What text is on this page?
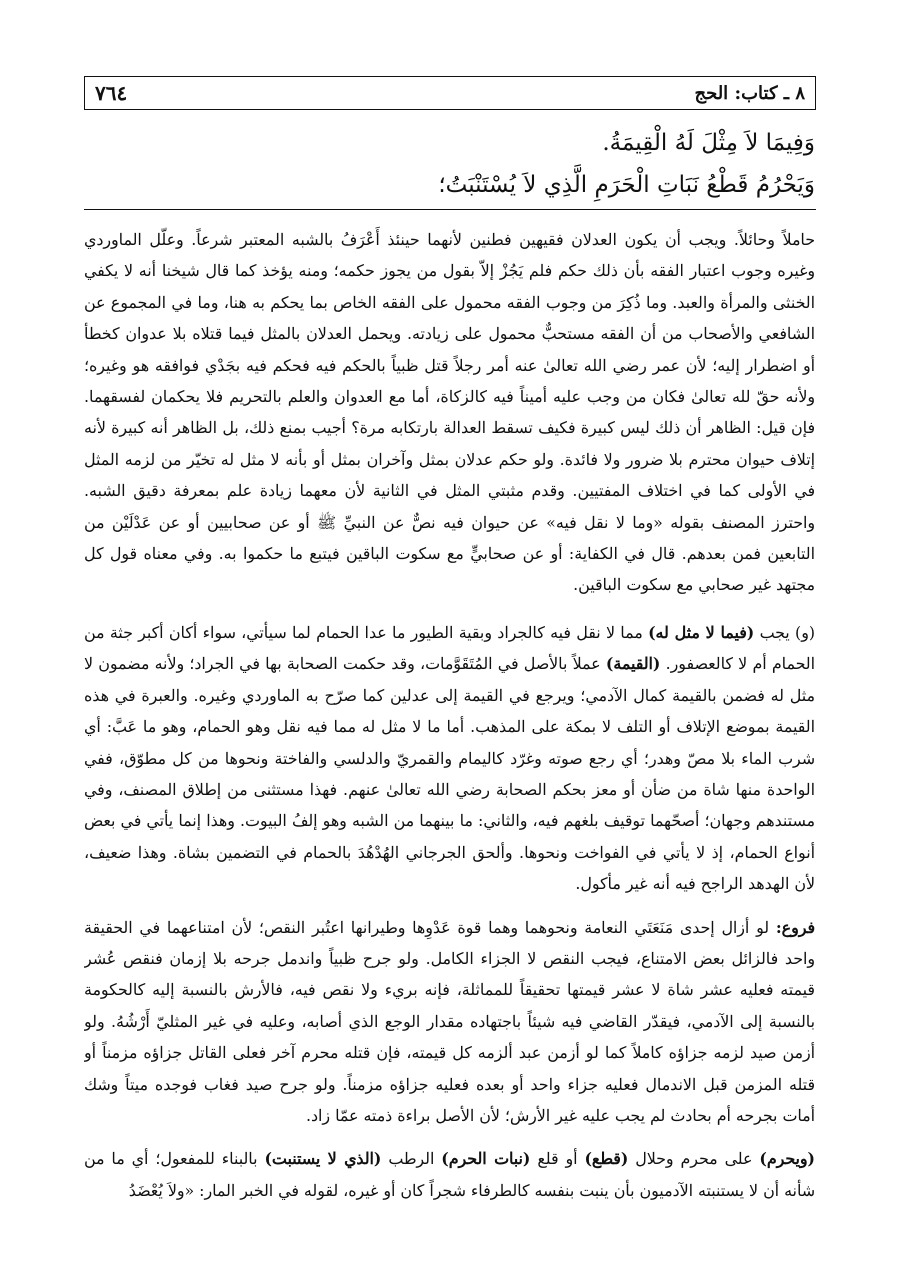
٧٦٤	٨ ـ كتاب: الحج
وَفِيمَا لاَ مِثْلَ لَهُ الْقِيمَةُ.
وَيَحْرُمُ قَطْعُ نَبَاتِ الْحَرَمِ الَّذِي لاَ يُسْتَنْبَتُ؛

حاملاً وحائلاً. ويجب أن يكون العدلان فقيهين فطنين لأنهما حينئذ أَعْرَفُ بالشبه المعتبر شرعاً. وعلّل الماوردي وغيره وجوب اعتبار الفقه بأن ذلك حكم فلم يَجُزْ إلاّ بقول من يجوز حكمه؛ ومنه يؤخذ كما قال شيخنا أنه لا يكفي الخنثى والمرأة والعبد. وما ذُكِرَ من وجوب الفقه محمول على الفقه الخاص بما يحكم به هنا، وما في المجموع عن الشافعي والأصحاب من أن الفقه مستحبٌّ محمول على زيادته. ويحمل العدلان بالمثل فيما قتلاه بلا عدوان كخطأ أو اضطرار إليه؛ لأن عمر رضي الله تعالىٰ عنه أمر رجلاً قتل ظبياً بالحكم فيه فحكم فيه بجَدْي فوافقه هو وغيره؛ ولأنه حقّ لله تعالىٰ فكان من وجب عليه أميناً فيه كالزكاة، أما مع العدوان والعلم بالتحريم فلا يحكمان لفسقهما. فإن قيل: الظاهر أن ذلك ليس كبيرة فكيف تسقط العدالة بارتكابه مرة؟ أجيب بمنع ذلك، بل الظاهر أنه كبيرة لأنه إتلاف حيوان محترم بلا ضرور ولا فائدة. ولو حكم عدلان بمثل وآخران بمثل أو بأنه لا مثل له تخيّر من لزمه المثل في الأولى كما في اختلاف المفتيين. وقدم مثبتي المثل في الثانية لأن معهما زيادة علم بمعرفة دقيق الشبه. واحترز المصنف بقوله «وما لا نقل فيه» عن حيوان فيه نصٌّ عن النبيِّ ﷺ أو عن صحابيين أو عن عَدْلَيْن من التابعين فمن بعدهم. قال في الكفاية: أو عن صحابيٍّ مع سكوت الباقين فيتبع ما حكموا به. وفي معناه قول كل مجتهد غير صحابي مع سكوت الباقين.

(و) يجب (فيما لا مثل له) مما لا نقل فيه كالجراد وبقية الطيور ما عدا الحمام لما سيأتي، سواء أكان أكبر جثة من الحمام أم لا كالعصفور. (القيمة) عملاً بالأصل في المُتَقَوَّمات، وقد حكمت الصحابة بها في الجراد؛ ولأنه مضمون لا مثل له فضمن بالقيمة كمال الآدمي؛ ويرجع في القيمة إلى عدلين كما صرّح به الماوردي وغيره. والعبرة في هذه القيمة بموضع الإتلاف أو التلف لا بمكة على المذهب. أما ما لا مثل له مما فيه نقل وهو الحمام، وهو ما عَبَّ: أي شرب الماء بلا مصّ وهدر؛ أي رجع صوته وغرّد كاليمام والقمريّ والدلسي والفاختة ونحوها من كل مطوّق، ففي الواحدة منها شاة من ضأن أو معز بحكم الصحابة رضي الله تعالىٰ عنهم. فهذا مستثنى من إطلاق المصنف، وفي مستندهم وجهان؛ أصحّهما توقيف بلغهم فيه، والثاني: ما بينهما من الشبه وهو إلفُ البيوت. وهذا إنما يأتي في بعض أنواع الحمام، إذ لا يأتي في الفواخت ونحوها. وألحق الجرجاني الهُدْهُدَ بالحمام في التضمين بشاة. وهذا ضعيف، لأن الهدهد الراجح فيه أنه غير مأكول.

فروع: لو أزال إحدى مَنَعَتَي النعامة ونحوهما وهما قوة عَدْوِها وطيرانها اعتُبر النقص؛ لأن امتناعهما في الحقيقة واحد فالزائل بعض الامتناع، فيجب النقص لا الجزاء الكامل. ولو جرح ظبياً واندمل جرحه بلا إزمان فنقص عُشر قيمته فعليه عشر شاة لا عشر قيمتها تحقيقاً للمماثلة، فإنه بريء ولا نقص فيه، فالأرش بالنسبة إليه كالحكومة بالنسبة إلى الآدمي، فيقدّر القاضي فيه شيئاً باجتهاده مقدار الوجع الذي أصابه، وعليه في غير المثليّ أَرْشُهُ. ولو أزمن صيد لزمه جزاؤه كاملاً كما لو أزمن عبد ألزمه كل قيمته، فإن قتله محرم آخر فعلى القاتل جزاؤه مزمناً أو قتله المزمن قبل الاندمال فعليه جزاء واحد أو بعده فعليه جزاؤه مزمناً. ولو جرح صيد فغاب فوجده ميتاً وشك أمات بجرحه أم بحادث لم يجب عليه غير الأرش؛ لأن الأصل براءة ذمته عمّا زاد.

(ويحرم) على محرم وحلال (قطع) أو قلع (نبات الحرم) الرطب (الذي لا يستنبت) بالبناء للمفعول؛ أي ما من شأنه أن لا يستنبته الآدميون بأن ينبت بنفسه كالطرفاء شجراً كان أو غيره، لقوله في الخبر المار: «ولاَ يُعْضَدُ
